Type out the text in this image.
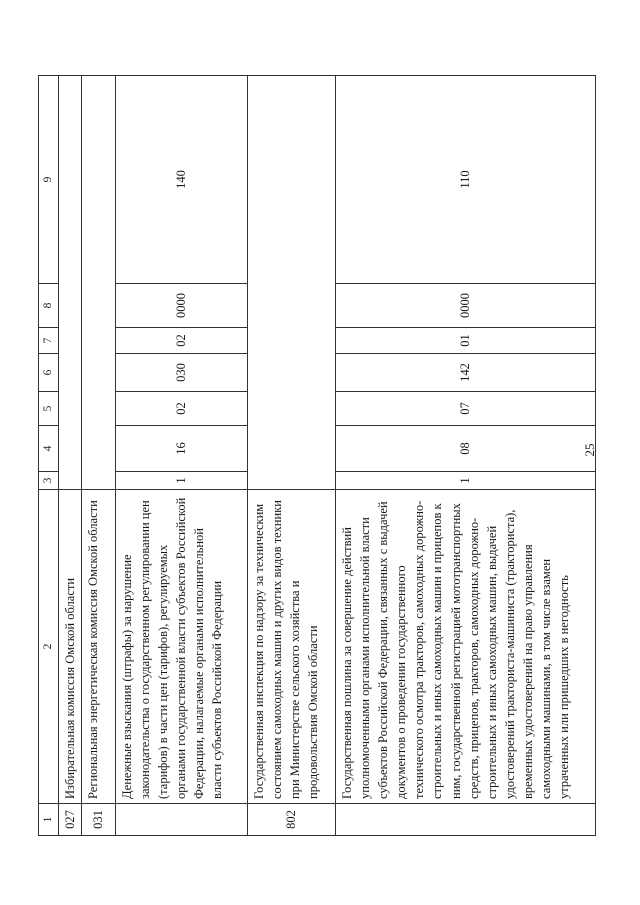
25
1	2	3	4	5	6	7	8	9
027	Избирательная комиссия Омской области							
031	Региональная энергетическая комиссия Омской области							
	Денежные взыскания (штрафы) за нарушение законодательства о государственном регулировании цен (тарифов) в части цен (тарифов), регулируемых органами государственной власти субъектов Российской Федерации, налагаемые органами исполнительной власти субъектов Российской Федерации	1	16	02	030	02	0000	140
802	Государственная инспекция по надзору за техническим состоянием самоходных машин и других видов техники при Министерстве сельского хозяйства и продовольствия Омской области							
	Государственная пошлина за совершение действий уполномоченными органами исполнительной власти субъектов Российской Федерации, связанных с выдачей документов о проведении государственного технического осмотра тракторов, самоходных дорожно-строительных и иных самоходных машин и прицепов к ним, государственной регистрацией мототранспортных средств, прицепов, тракторов, самоходных дорожно-строительных и иных самоходных машин, выдачей удостоверений тракториста-машиниста (тракториста), временных удостоверений на право управления самоходными машинами, в том числе взамен утраченных или пришедших в негодность	1	08	07	142	01	0000	110
